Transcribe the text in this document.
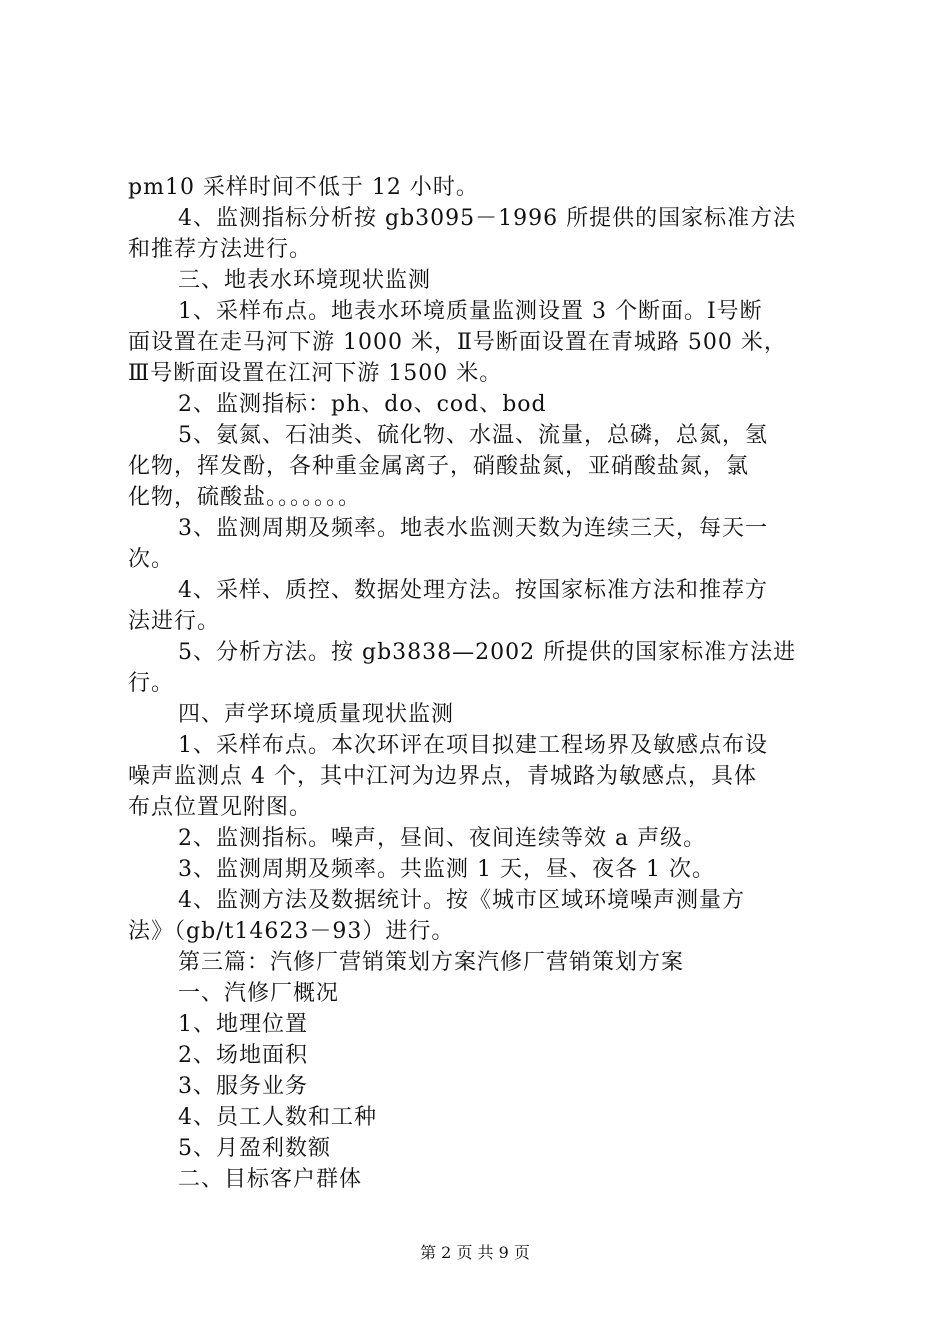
pm10 采样时间不低于 12 小时。
4、监测指标分析按 gb3095－1996 所提供的国家标准方法
和推荐方法进行。
三、地表水环境现状监测
1、采样布点。地表水环境质量监测设置 3 个断面。Ⅰ号断
面设置在走马河下游 1000 米，Ⅱ号断面设置在青城路 500 米，
Ⅲ号断面设置在江河下游 1500 米。
2、监测指标：ph、do、cod、bod
5、氨氮、石油类、硫化物、水温、流量，总磷，总氮，氢
化物，挥发酚，各种重金属离子，硝酸盐氮，亚硝酸盐氮，氯
化物，硫酸盐。。。。。。。
3、监测周期及频率。地表水监测天数为连续三天，每天一
次。
4、采样、质控、数据处理方法。按国家标准方法和推荐方
法进行。
5、分析方法。按 gb3838—2002 所提供的国家标准方法进
行。
四、声学环境质量现状监测
1、采样布点。本次环评在项目拟建工程场界及敏感点布设
噪声监测点 4 个，其中江河为边界点，青城路为敏感点，具体
布点位置见附图。
2、监测指标。噪声，昼间、夜间连续等效 a 声级。
3、监测周期及频率。共监测 1 天，昼、夜各 1 次。
4、监测方法及数据统计。按《城市区域环境噪声测量方
法》（gb/t14623－93）进行。
第三篇：汽修厂营销策划方案汽修厂营销策划方案
一、汽修厂概况
1、地理位置
2、场地面积
3、服务业务
4、员工人数和工种
5、月盈利数额
二、目标客户群体
第 2 页 共 9 页
